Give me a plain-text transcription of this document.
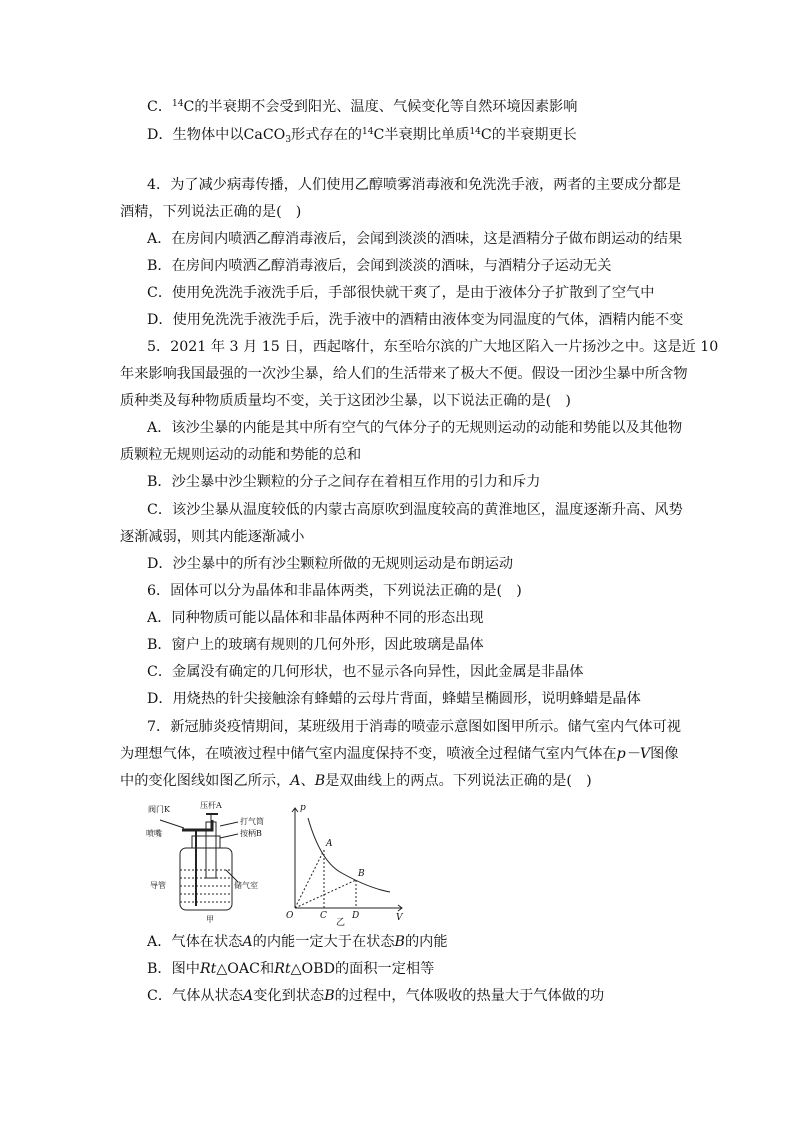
C．$^{14}$C的半衰期不会受到阳光、温度、气候变化等自然环境因素影响
D．生物体中以CaCO$_3$形式存在的$^{14}$C半衰期比单质$^{14}$C的半衰期更长
4．为了减少病毒传播，人们使用乙醇喷雾消毒液和免洗洗手液，两者的主要成分都是
酒精，下列说法正确的是(　)
A．在房间内喷洒乙醇消毒液后，会闻到淡淡的酒味，这是酒精分子做布朗运动的结果
B．在房间内喷洒乙醇消毒液后，会闻到淡淡的酒味，与酒精分子运动无关
C．使用免洗洗手液洗手后，手部很快就干爽了，是由于液体分子扩散到了空气中
D．使用免洗洗手液洗手后，洗手液中的酒精由液体变为同温度的气体，酒精内能不变
5．2021 年 3 月 15 日，西起喀什，东至哈尔滨的广大地区陷入一片扬沙之中。这是近 10
年来影响我国最强的一次沙尘暴，给人们的生活带来了极大不便。假设一团沙尘暴中所含物
质种类及每种物质质量均不变，关于这团沙尘暴，以下说法正确的是(　)
A．该沙尘暴的内能是其中所有空气的气体分子的无规则运动的动能和势能以及其他物
质颗粒无规则运动的动能和势能的总和
B．沙尘暴中沙尘颗粒的分子之间存在着相互作用的引力和斥力
C．该沙尘暴从温度较低的内蒙古高原吹到温度较高的黄淮地区，温度逐渐升高、风势
逐渐减弱，则其内能逐渐减小
D．沙尘暴中的所有沙尘颗粒所做的无规则运动是布朗运动
6．固体可以分为晶体和非晶体两类，下列说法正确的是(　)
A．同种物质可能以晶体和非晶体两种不同的形态出现
B．窗户上的玻璃有规则的几何外形，因此玻璃是晶体
C．金属没有确定的几何形状，也不显示各向异性，因此金属是非晶体
D．用烧热的针尖接触涂有蜂蜡的云母片背面，蜂蜡呈椭圆形，说明蜂蜡是晶体
7．新冠肺炎疫情期间，某班级用于消毒的喷壶示意图如图甲所示。储气室内气体可视
为理想气体，在喷液过程中储气室内温度保持不变，喷液全过程储气室内气体在p－V图像
中的变化图线如图乙所示，A、B是双曲线上的两点。下列说法正确的是(　)
阀门K	压杆A
喷嘴
打气筒
按柄B
导管	储气室
甲
p
V
O
A
B
C	D
乙
A．气体在状态A的内能一定大于在状态B的内能
B．图中Rt△OAC和Rt△OBD的面积一定相等
C．气体从状态A变化到状态B的过程中，气体吸收的热量大于气体做的功
